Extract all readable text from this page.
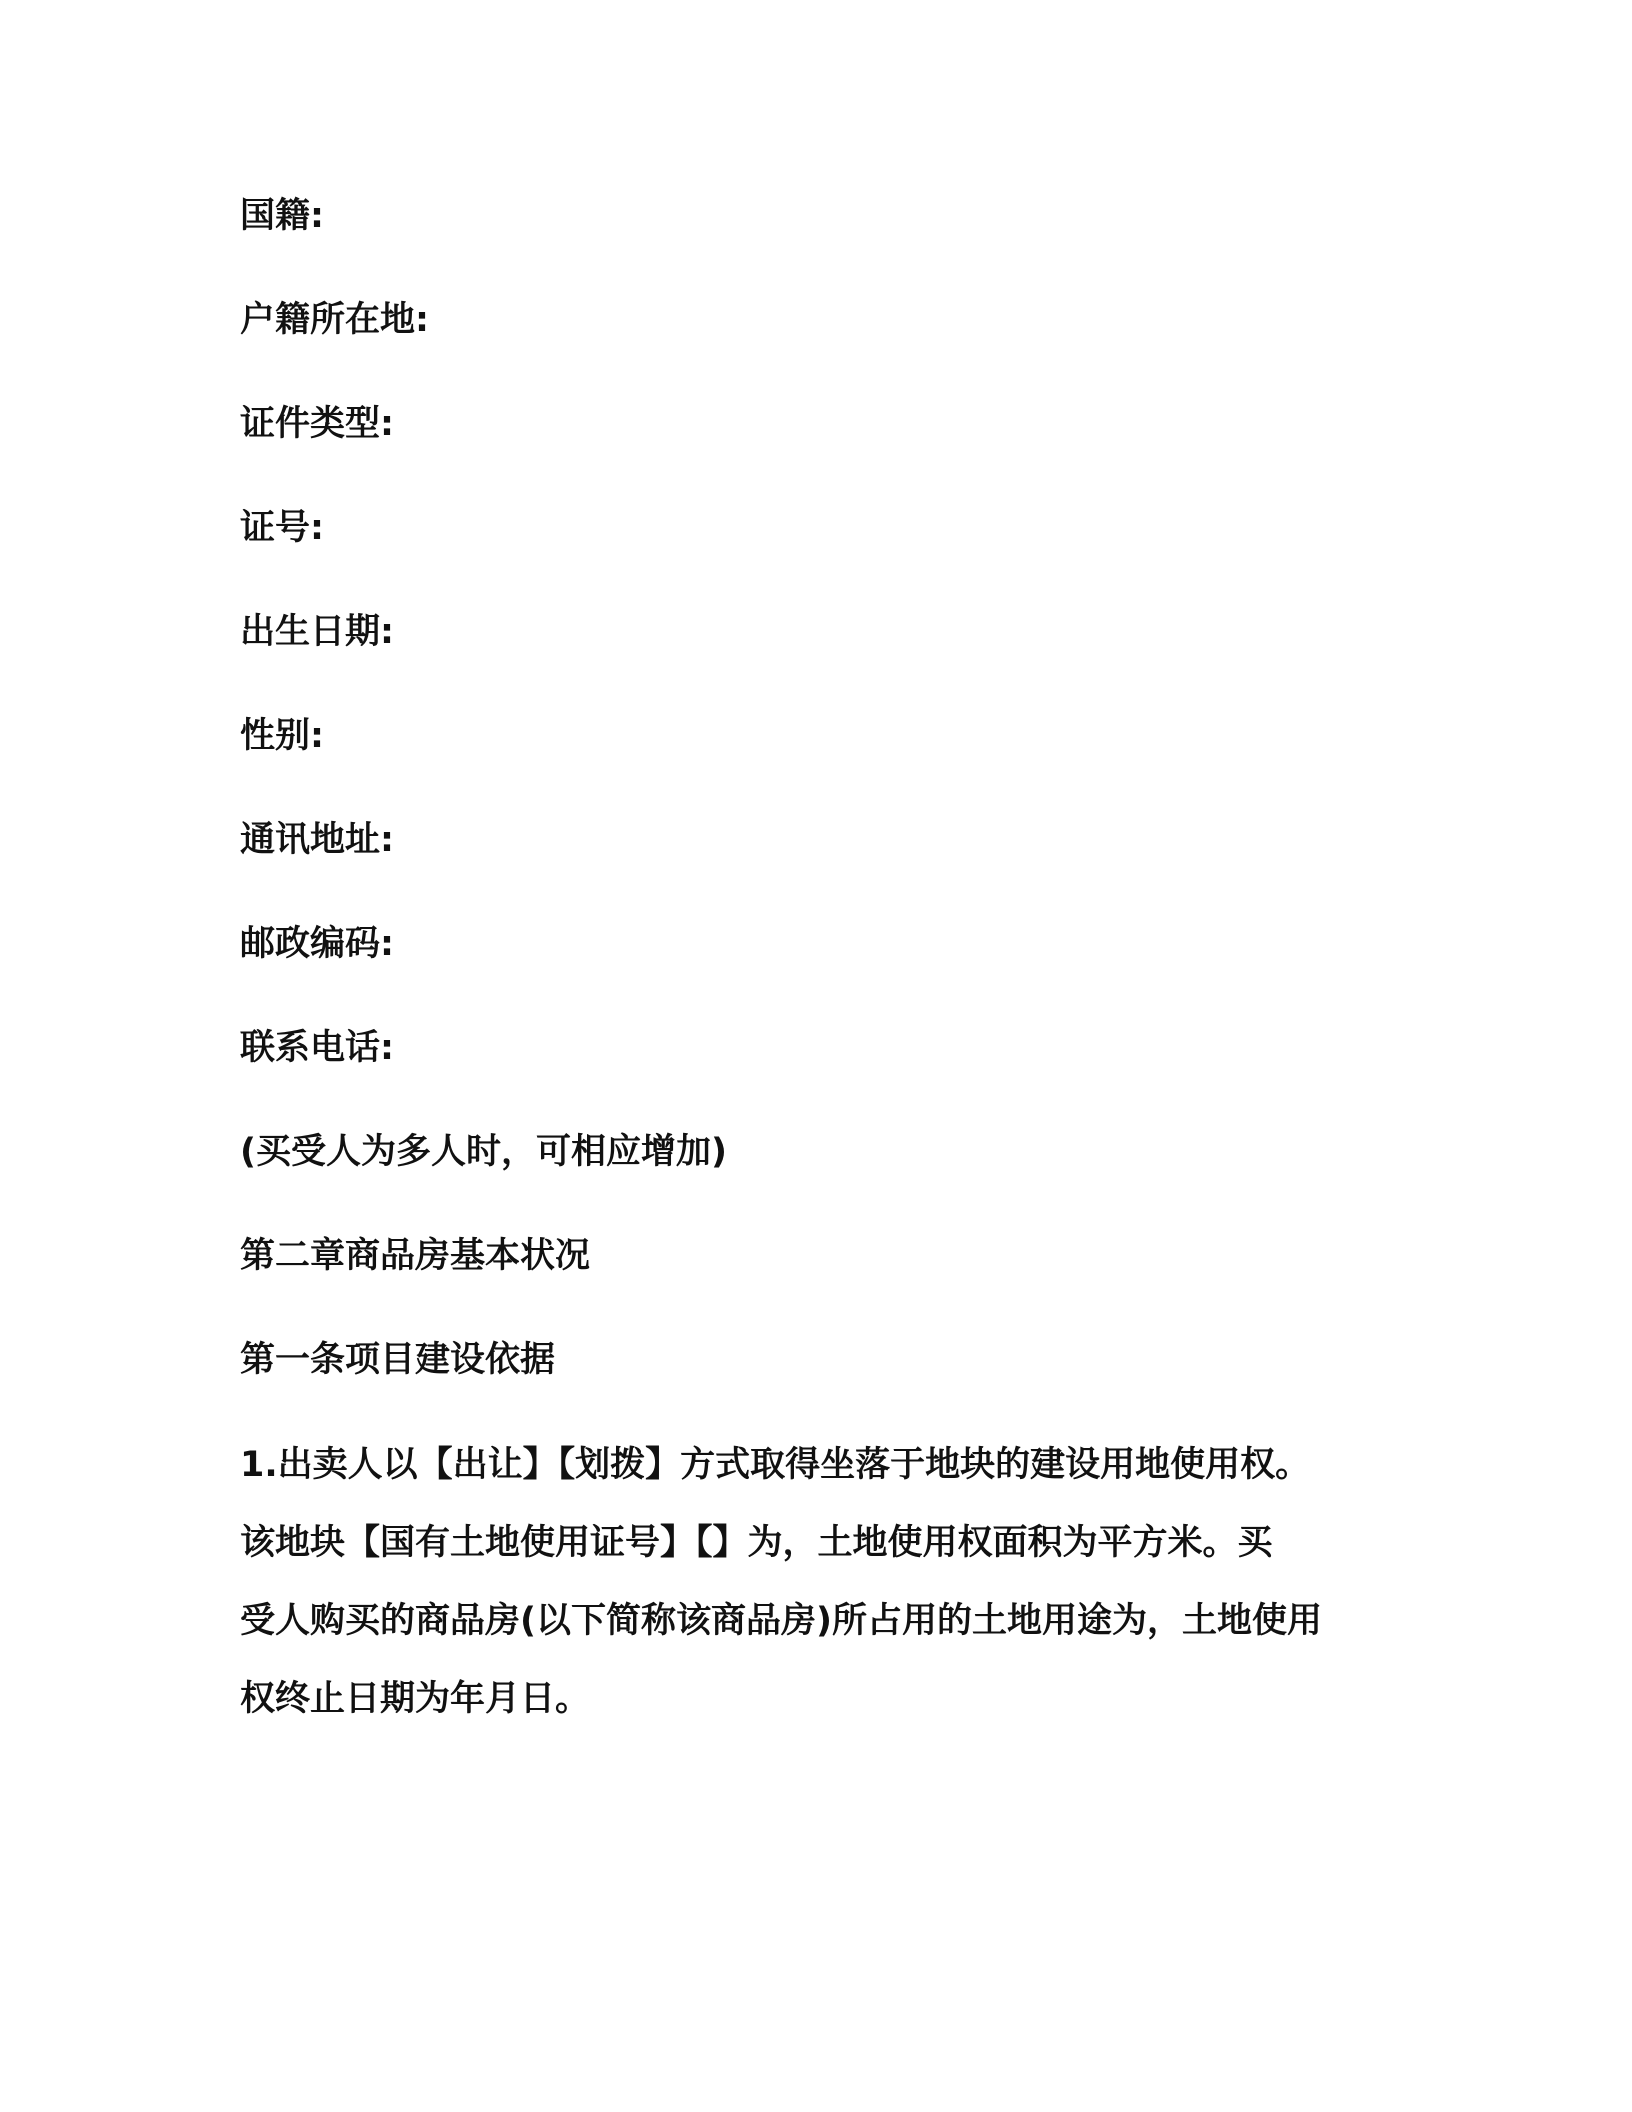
国籍:
户籍所在地:
证件类型:
证号:
出生日期:
性别:
通讯地址:
邮政编码:
联系电话:
(买受人为多人时，可相应增加)
第二章商品房基本状况
第一条项目建设依据
1.出卖人以【出让】【划拨】方式取得坐落于地块的建设用地使用权。
该地块【国有土地使用证号】【】为，土地使用权面积为平方米。买
受人购买的商品房(以下简称该商品房)所占用的土地用途为，土地使用
权终止日期为年月日。
